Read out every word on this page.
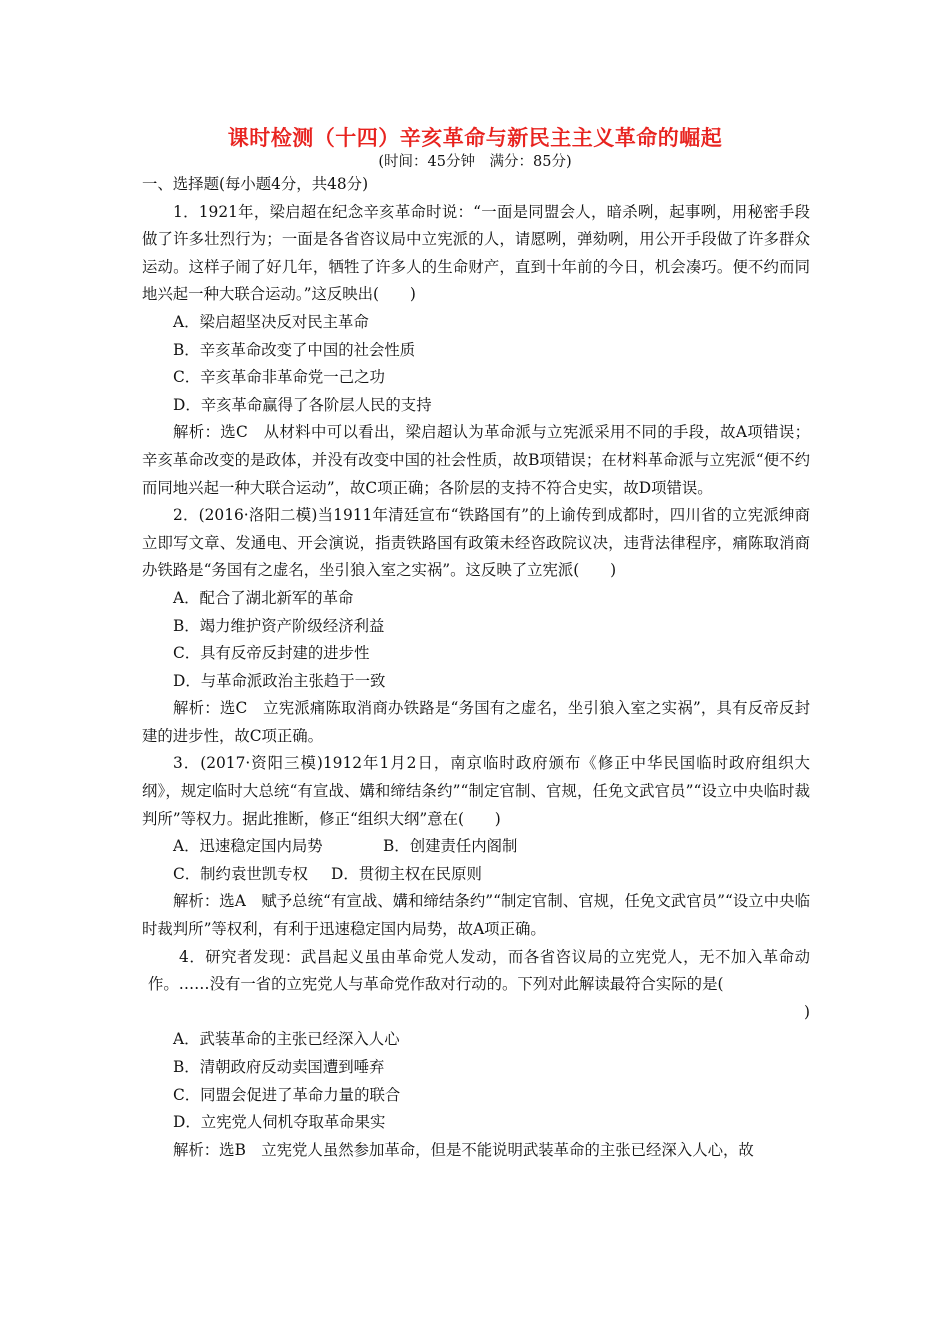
课时检测（十四）辛亥革命与新民主主义革命的崛起
(时间：45分钟　满分：85分)

一、选择题(每小题4分，共48分)

1．1921年，梁启超在纪念辛亥革命时说：“一面是同盟会人，暗杀咧，起事咧，用秘密手段做了许多壮烈行为；一面是各省咨议局中立宪派的人，请愿咧，弹劾咧，用公开手段做了许多群众运动。这样子闹了好几年，牺牲了许多人的生命财产，直到十年前的今日，机会凑巧。便不约而同地兴起一种大联合运动。”这反映出(　　)

A．梁启超坚决反对民主革命

B．辛亥革命改变了中国的社会性质

C．辛亥革命非革命党一己之功

D．辛亥革命赢得了各阶层人民的支持

解析：选C　从材料中可以看出，梁启超认为革命派与立宪派采用不同的手段，故A项错误；辛亥革命改变的是政体，并没有改变中国的社会性质，故B项错误；在材料革命派与立宪派“便不约而同地兴起一种大联合运动”，故C项正确；各阶层的支持不符合史实，故D项错误。

2．(2016·洛阳二模)当1911年清廷宣布“铁路国有”的上谕传到成都时，四川省的立宪派绅商立即写文章、发通电、开会演说，指责铁路国有政策未经咨政院议决，违背法律程序，痛陈取消商办铁路是“务国有之虚名，坐引狼入室之实祸”。这反映了立宪派(　　)

A．配合了湖北新军的革命

B．竭力维护资产阶级经济利益

C．具有反帝反封建的进步性

D．与革命派政治主张趋于一致

解析：选C　立宪派痛陈取消商办铁路是“务国有之虚名，坐引狼入室之实祸”，具有反帝反封建的进步性，故C项正确。

3．(2017·资阳三模)1912年1月2日，南京临时政府颁布《修正中华民国临时政府组织大纲》，规定临时大总统“有宣战、媾和缔结条约”“制定官制、官规，任免文武官员”“设立中央临时裁判所”等权力。据此推断，修正“组织大纲”意在(　　)

A．迅速稳定国内局势	B．创建责任内阁制

C．制约袁世凯专权 D．贯彻主权在民原则

解析：选A　赋予总统“有宣战、媾和缔结条约”“制定官制、官规，任免文武官员”“设立中央临时裁判所”等权利，有利于迅速稳定国内局势，故A项正确。

4．研究者发现：武昌起义虽由革命党人发动，而各省咨议局的立宪党人，无不加入革命动作。……没有一省的立宪党人与革命党作敌对行动的。下列对此解读最符合实际的是(

)

A．武装革命的主张已经深入人心

B．清朝政府反动卖国遭到唾弃

C．同盟会促进了革命力量的联合

D．立宪党人伺机夺取革命果实

解析：选B　立宪党人虽然参加革命，但是不能说明武装革命的主张已经深入人心，故
